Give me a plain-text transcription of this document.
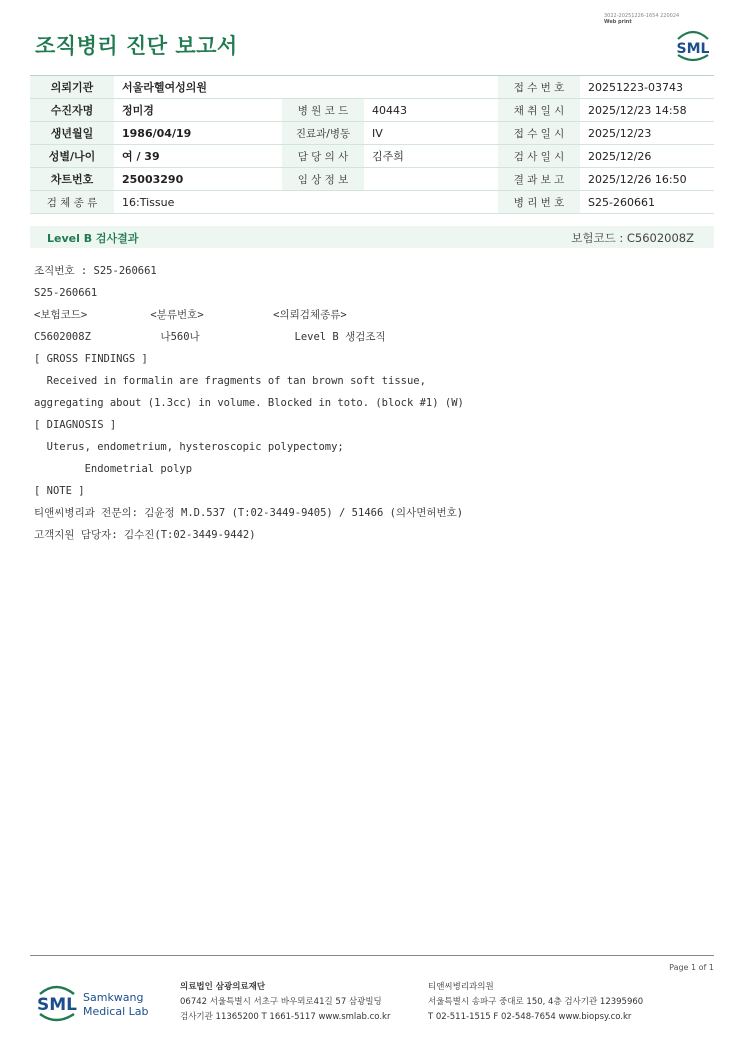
조직병리 진단 보고서
3022-20251226-1654 220024 Web print
SML
의뢰기관	서울라헬여성의원			접 수 번 호	20251223-03743
수진자명	정미경	병 원 코 드	40443	채 취 일 시	2025/12/23 14:58
생년월일	1986/04/19	진료과/병동	IV	접 수 일 시	2025/12/23
성별/나이	여 / 39	담 당 의 사	김주희	검 사 일 시	2025/12/26
차트번호	25003290	임 상 정 보		결 과 보 고	2025/12/26 16:50
검 체 종 류	16:Tissue			병 리 번 호	S25-260661
Level B 검사결과	보험코드 : C5602008Z
조직번호 : S25-260661
S25-260661
<보험코드>          <분류번호>           <의뢰검체종류>
C5602008Z           나560나               Level B 생검조직
[ GROSS FINDINGS ]
Received in formalin are fragments of tan brown soft tissue,
aggregating about (1.3cc) in volume. Blocked in toto. (block #1) (W)
[ DIAGNOSIS ]
Uterus, endometrium, hysteroscopic polypectomy;
Endometrial polyp
[ NOTE ]
티앤씨병리과 전문의: 김윤정 M.D.537 (T:02-3449-9405) / 51466 (의사면허번호)
고객지원 담당자: 김수진(T:02-3449-9442)
Page 1 of 1
SML Samkwang
Medical Lab
의료법인 삼광의료재단
06742 서울특별시 서초구 바우뫼로41길 57 삼광빌딩
검사기관 11365200 T 1661-5117 www.smlab.co.kr
티앤씨병리과의원
서울특별시 송파구 중대로 150, 4층 검사기관 12395960
T 02-511-1515 F 02-548-7654 www.biopsy.co.kr
